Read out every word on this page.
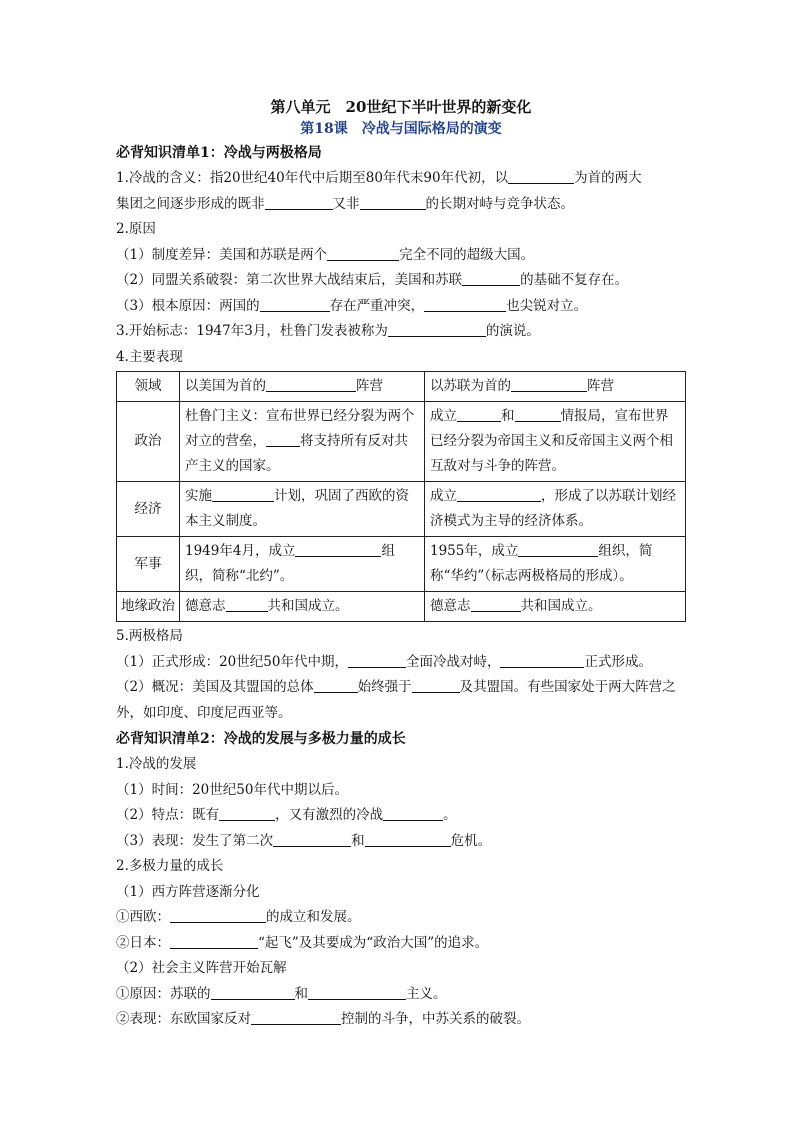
第八单元　20世纪下半叶世界的新变化
第18课　冷战与国际格局的演变
必背知识清单1：冷战与两极格局
1.冷战的含义：指20世纪40年代中后期至80年代末90年代初，以	为首的两大
集团之间逐步形成的既非	又非	的长期对峙与竞争状态。
2.原因
（1）制度差异：美国和苏联是两个	完全不同的超级大国。
（2）同盟关系破裂：第二次世界大战结束后，美国和苏联	的基础不复存在。
（3）根本原因：两国的	存在严重冲突，	也尖锐对立。
3.开始标志：1947年3月，杜鲁门发表被称为	的演说。
4.主要表现
领域	以美国为首的 阵营	以苏联为首的 阵营
政治	杜鲁门主义：宣布世界已经分裂为两个对立的营垒， 将支持所有反对共产主义的国家。	成立 和 情报局，宣布世界已经分裂为帝国主义和反帝国主义两个相互敌对与斗争的阵营。
经济	实施 计划，巩固了西欧的资本主义制度。	成立 ，形成了以苏联计划经济模式为主导的经济体系。
军事	1949年4月，成立 组织，简称“北约”。	1955年，成立 组织，简称“华约”（标志两极格局的形成）。
地缘政治	德意志 共和国成立。	德意志 共和国成立。
5.两极格局
（1）正式形成：20世纪50年代中期，	全面冷战对峙，	正式形成。
（2）概况：美国及其盟国的总体	始终强于	及其盟国。有些国家处于两大阵营之外，如印度、印度尼西亚等。
必背知识清单2：冷战的发展与多极力量的成长
1.冷战的发展
（1）时间：20世纪50年代中期以后。
（2）特点：既有	，又有激烈的冷战	。
（3）表现：发生了第二次	和	危机。
2.多极力量的成长
（1）西方阵营逐渐分化
①西欧：	的成立和发展。
②日本：	“起飞”及其要成为“政治大国”的追求。
（2）社会主义阵营开始瓦解
①原因：苏联的	和	主义。
②表现：东欧国家反对	控制的斗争，中苏关系的破裂。
